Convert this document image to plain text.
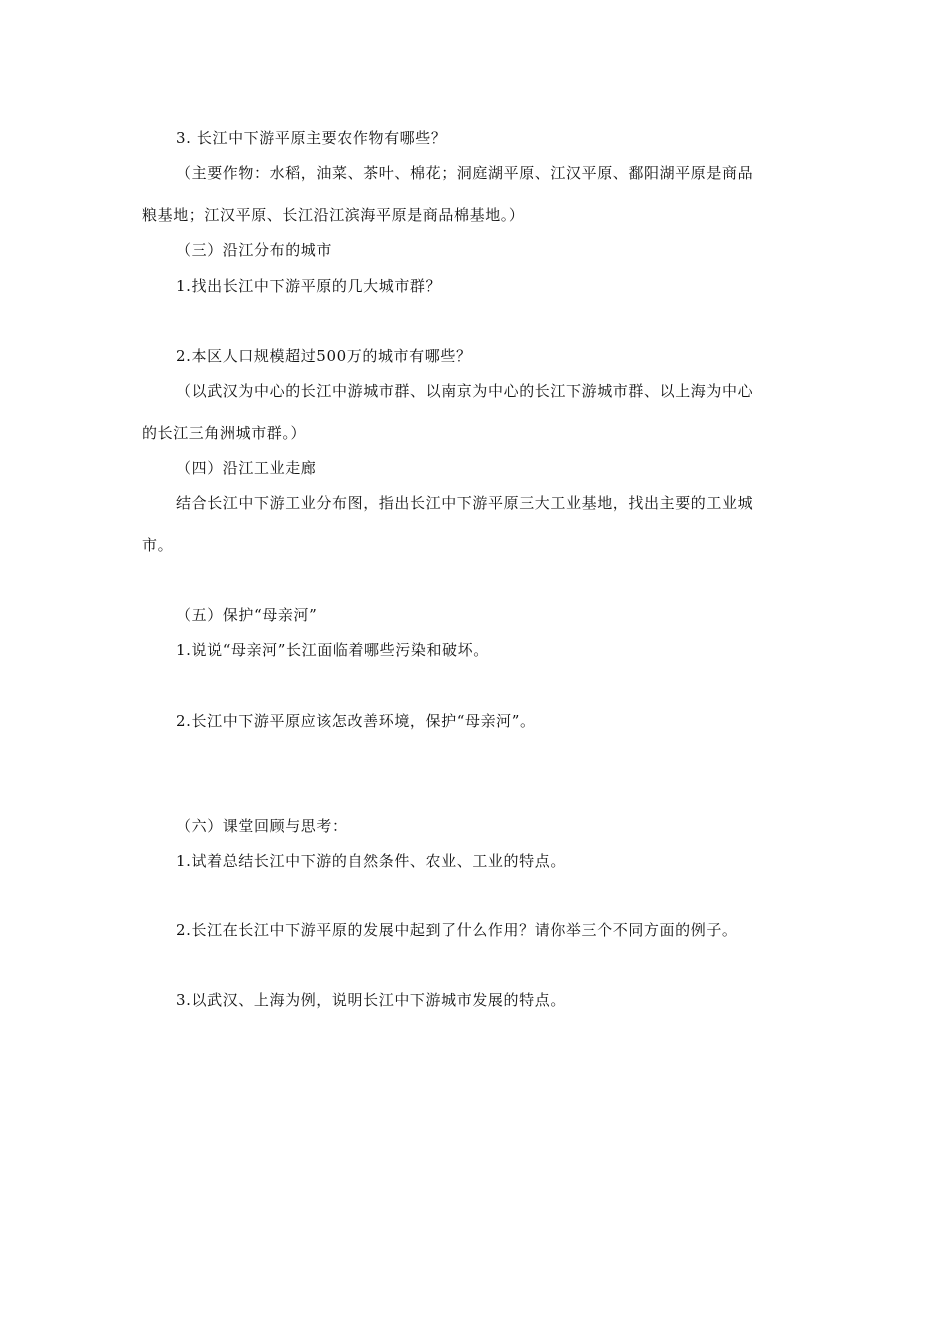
3. 长江中下游平原主要农作物有哪些？
（主要作物：水稻，油菜、茶叶、棉花；洞庭湖平原、江汉平原、鄱阳湖平原是商品
粮基地；江汉平原、长江沿江滨海平原是商品棉基地。）
（三）沿江分布的城市
1.找出长江中下游平原的几大城市群？
2.本区人口规模超过500万的城市有哪些？
（以武汉为中心的长江中游城市群、以南京为中心的长江下游城市群、以上海为中心
的长江三角洲城市群。）
（四）沿江工业走廊
结合长江中下游工业分布图，指出长江中下游平原三大工业基地，找出主要的工业城
市。
（五）保护“母亲河”
1.说说“母亲河”长江面临着哪些污染和破坏。
2.长江中下游平原应该怎改善环境，保护“母亲河”。
（六）课堂回顾与思考：
1.试着总结长江中下游的自然条件、农业、工业的特点。
2.长江在长江中下游平原的发展中起到了什么作用？请你举三个不同方面的例子。
3.以武汉、上海为例，说明长江中下游城市发展的特点。
